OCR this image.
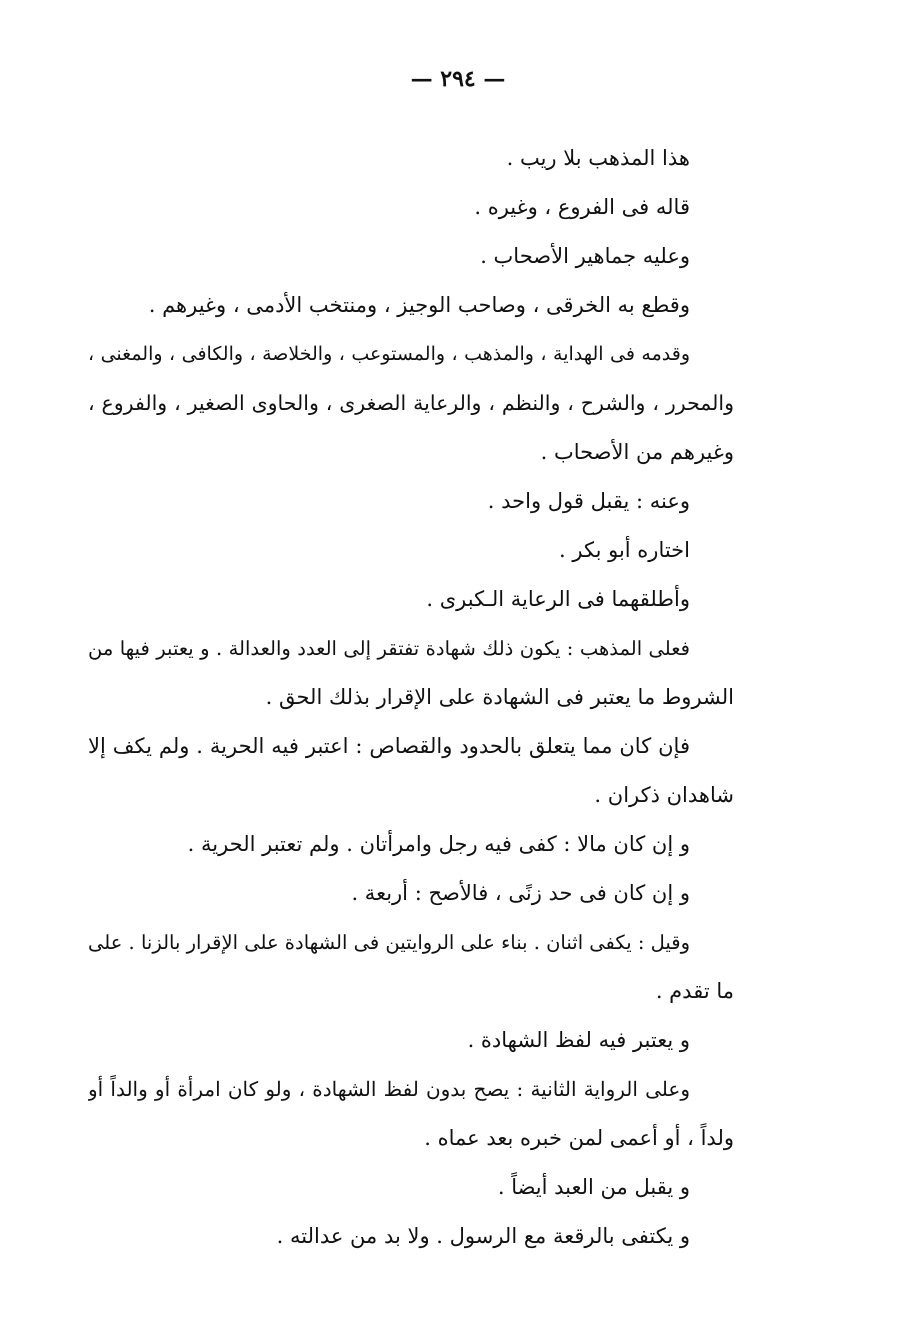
— ٢٩٤ —
هذا المذهب بلا ريب .
قاله فى الفروع ، وغيره .
وعليه جماهير الأصحاب .
وقطع به الخرقى ، وصاحب الوجيز ، ومنتخب الأدمى ، وغيرهم .
وقدمه فى الهداية ، والمذهب ، والمستوعب ، والخلاصة ، والكافى ، والمغنى ،
والمحرر ، والشرح ، والنظم ، والرعاية الصغرى ، والحاوى الصغير ، والفروع ،
وغيرهم من الأصحاب .
وعنه : يقبل قول واحد .
اختاره أبو بكر .
وأطلقهما فى الرعاية الـكبرى .
فعلى المذهب : يكون ذلك شهادة تفتقر إلى العدد والعدالة . و يعتبر فيها من
الشروط ما يعتبر فى الشهادة على الإقرار بذلك الحق .
فإن كان مما يتعلق بالحدود والقصاص : اعتبر فيه الحرية . ولم يكف إلا
شاهدان ذكران .
و إن كان مالا : كفى فيه رجل وامرأتان . ولم تعتبر الحرية .
و إن كان فى حد زنًى ، فالأصح : أربعة .
وقيل : يكفى اثنان . بناء على الروايتين فى الشهادة على الإقرار بالزنا . على
ما تقدم .
و يعتبر فيه لفظ الشهادة .
وعلى الرواية الثانية : يصح بدون لفظ الشهادة ، ولو كان امرأة أو والداً أو
ولداً ، أو أعمى لمن خبره بعد عماه .
و يقبل من العبد أيضاً .
و يكتفى بالرقعة مع الرسول . ولا بد من عدالته .
